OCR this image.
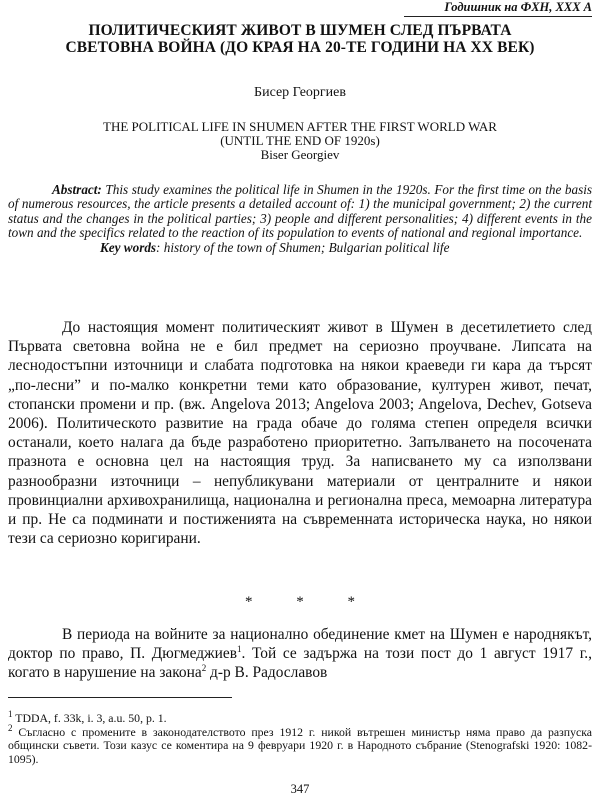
Годишник на ФХН, XXX А
ПОЛИТИЧЕСКИЯТ ЖИВОТ В ШУМЕН СЛЕД ПЪРВАТА
СВЕТОВНА ВОЙНА (ДО КРАЯ НА 20-ТЕ ГОДИНИ НА ХХ ВЕК)
Бисер Георгиев
THE POLITICAL LIFE IN SHUMEN AFTER THE FIRST WORLD WAR
(UNTIL THE END OF 1920s)
Biser Georgiev

Abstract: This study examines the political life in Shumen in the 1920s. For the first time on the basis of numerous resources, the article presents a detailed account of: 1) the municipal government; 2) the current status and the changes in the political parties; 3) people and different personalities; 4) different events in the town and the specifics related to the reaction of its population to events of national and regional importance.

Key words: history of the town of Shumen; Bulgarian political life

До настоящия момент политическият живот в Шумен в десетилетието след Първата световна война не е бил предмет на сериозно проучване. Липсата на леснодостъпни източници и слабата подготовка на някои краеведи ги кара да търсят „по-лесни” и по-малко конкретни теми като образование, културен живот, печат, стопански промени и пр. (вж. Angelova 2013; Angelova 2003; Angelova, Dechev, Gotseva 2006). Политическото развитие на града обаче до голяма степен определя всички останали, което налага да бъде разработено приоритетно. Запълването на посочената празнота е основна цел на настоящия труд. За написването му са използвани разнообразни източници – непубликувани материали от централните и някои провинциални архивохранилища, национална и регионална преса, мемоарна литература и пр. Не са подминати и постиженията на съвременната историческа наука, но някои тези са сериозно коригирани.

* * *

В периода на войните за национално обединение кмет на Шумен е народнякът, доктор по право, П. Дюгмеджиев$^1$. Той се задържа на този пост до 1 август 1917 г., когато в нарушение на закона$^2$ д-р В. Радославов

$^1$ TDDA, f. 33k, i. 3, a.u. 50, p. 1.

$^2$ Съгласно с промените в законодателството през 1912 г. никой вътрешен министър няма право да разпуска общински съвети. Този казус се коментира на 9 февруари 1920 г. в Народното събрание (Stenografski 1920: 1082-1095).

347
